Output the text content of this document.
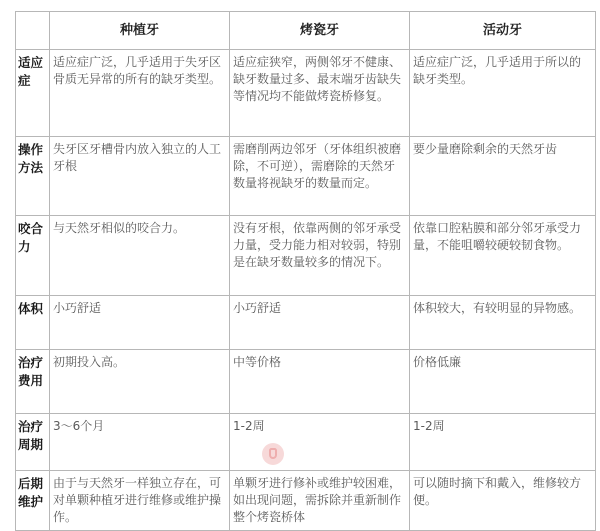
	种植牙	烤瓷牙	活动牙
适应症	适应症广泛，几乎适用于失牙区骨质无异常的所有的缺牙类型。	适应症狭窄，两侧邻牙不健康、缺牙数量过多、最末端牙齿缺失等情况均不能做烤瓷桥修复。	适应症广泛，几乎适用于所以的缺牙类型。
操作方法	失牙区牙槽骨内放入独立的人工牙根	需磨削两边邻牙（牙体组织被磨除，不可逆），需磨除的天然牙数量将视缺牙的数量而定。	要少量磨除剩余的天然牙齿
咬合力	与天然牙相似的咬合力。	没有牙根，依靠两侧的邻牙承受力量，受力能力相对较弱，特别是在缺牙数量较多的情况下。	依靠口腔粘膜和部分邻牙承受力量，不能咀嚼较硬较韧食物。
体积	小巧舒适	小巧舒适	体积较大，有较明显的异物感。
治疗费用	初期投入高。	中等价格	价格低廉
治疗周期	3～6个月	1-2周	1-2周
后期维护	由于与天然牙一样独立存在，可对单颗种植牙进行维修或维护操作。	单颗牙进行修补或维护较困难，如出现问题，需拆除并重新制作整个烤瓷桥体	可以随时摘下和戴入，维修较方便。
